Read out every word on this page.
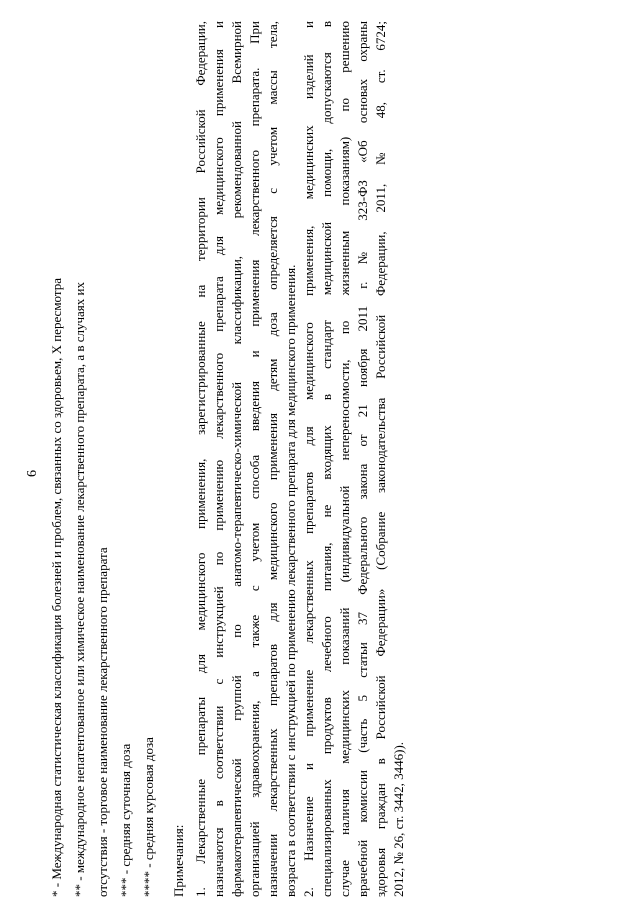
6 * - Международная статистическая классификация болезней и проблем, связанных со здоровьем, X пересмотра ** - международное непатентованное или химическое наименование лекарственного препарата, а в случаях их отсутствия - торговое наименование лекарственного препарата *** - средняя суточная доза **** - средняя курсовая доза Примечания: 1. Лекарственные препараты для медицинского применения, зарегистрированные на территории Российской Федерации, назначаются в соответствии с инструкцией по применению лекарственного препарата для медицинского применения и фармакотерапевтической группой по анатомо-терапевтическо-химической классификации, рекомендованной Всемирной организацией здравоохранения, а также с учетом способа введения и применения лекарственного препарата. При назначении лекарственных препаратов для медицинского применения детям доза определяется с учетом массы тела, возраста в соответствии с инструкцией по применению лекарственного препарата для медицинского применения. 2. Назначение и применение лекарственных препаратов для медицинского применения, медицинских изделий и специализированных продуктов лечебного питания, не входящих в стандарт медицинской помощи, допускаются в случае наличия медицинских показаний (индивидуальной непереносимости, по жизненным показаниям) по решению врачебной комиссии (часть 5 статьи 37 Федерального закона от 21 ноября 2011 г. № 323-ФЗ «Об основах охраны здоровья граждан в Российской Федерации» (Собрание законодательства Российской Федерации, 2011, № 48, ст. 6724; 2012, № 26, ст. 3442, 3446)).
